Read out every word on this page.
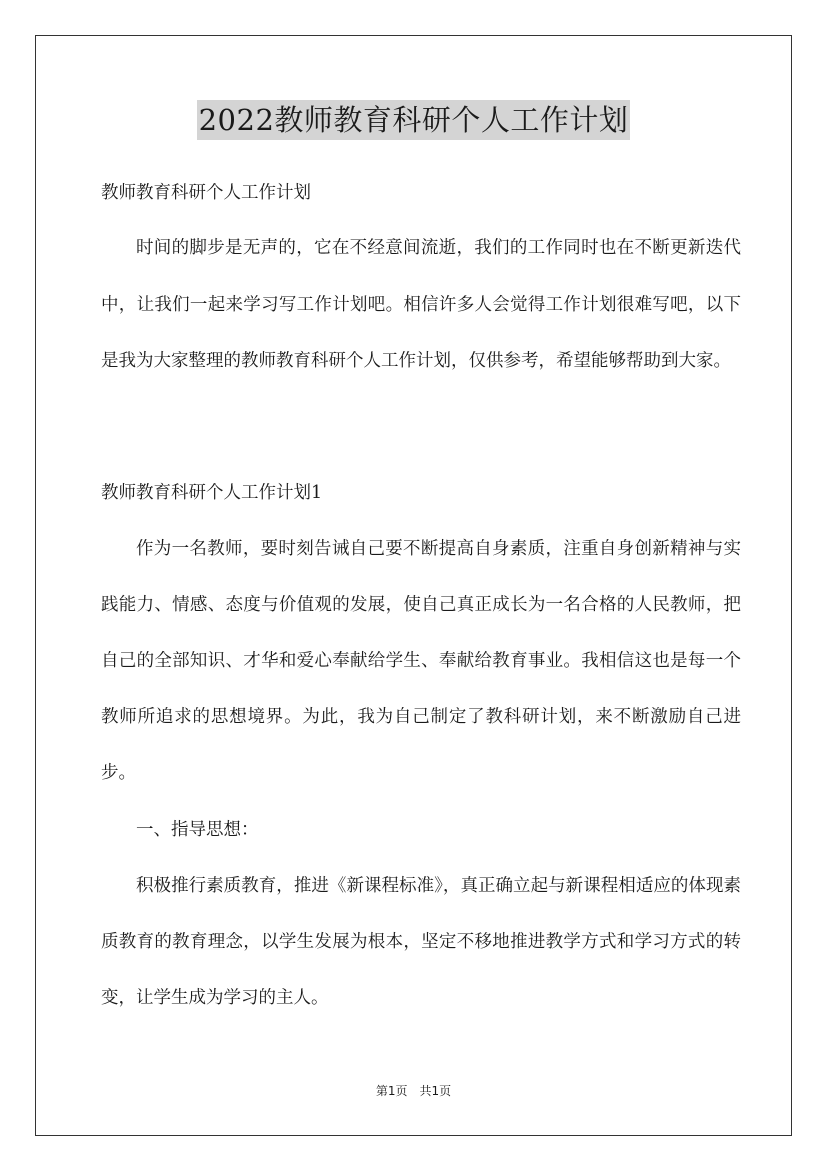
2022教师教育科研个人工作计划

教师教育科研个人工作计划

时间的脚步是无声的，它在不经意间流逝，我们的工作同时也在不断更新迭代中，让我们一起来学习写工作计划吧。相信许多人会觉得工作计划很难写吧，以下是我为大家整理的教师教育科研个人工作计划，仅供参考，希望能够帮助到大家。

教师教育科研个人工作计划1

作为一名教师，要时刻告诫自己要不断提高自身素质，注重自身创新精神与实践能力、情感、态度与价值观的发展，使自己真正成长为一名合格的人民教师，把自己的全部知识、才华和爱心奉献给学生、奉献给教育事业。我相信这也是每一个教师所追求的思想境界。为此，我为自己制定了教科研计划，来不断激励自己进步。

一、指导思想：

积极推行素质教育，推进《新课程标准》，真正确立起与新课程相适应的体现素质教育的教育理念，以学生发展为根本，坚定不移地推进教学方式和学习方式的转变，让学生成为学习的主人。

第1页　共1页
